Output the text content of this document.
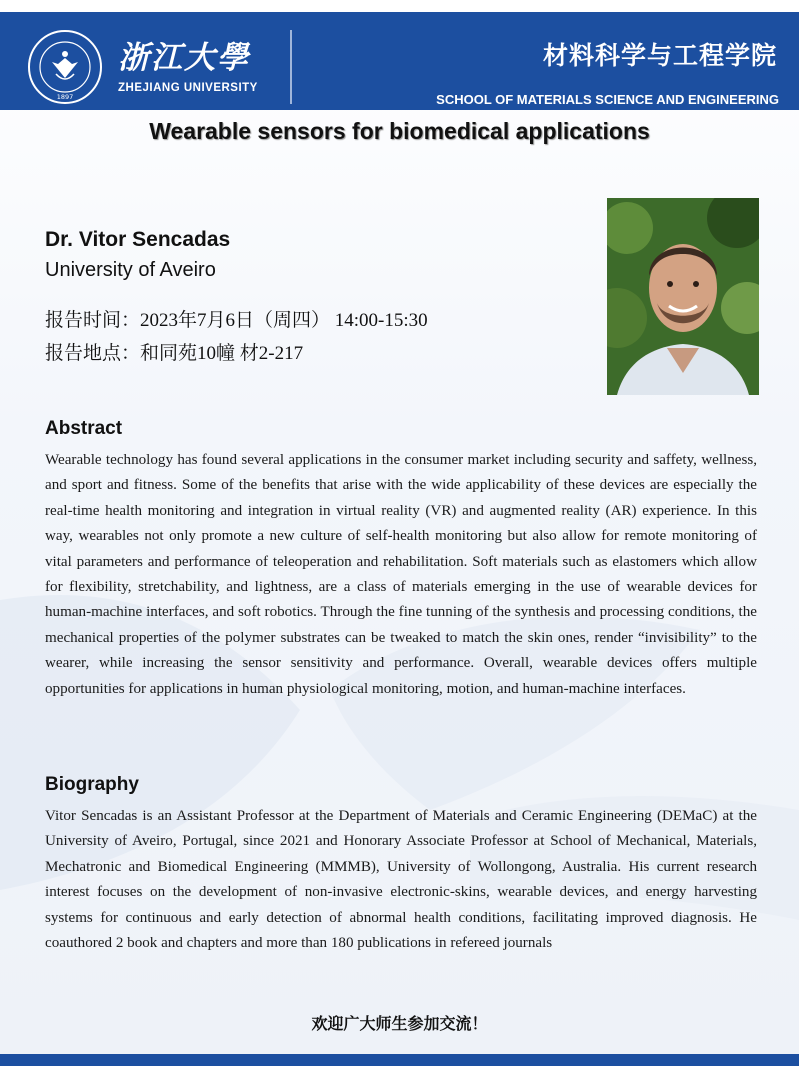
1897
浙江大學
ZHEJIANG UNIVERSITY
材料科学与工程学院
SCHOOL OF MATERIALS SCIENCE AND ENGINEERING
Wearable sensors for biomedical applications
Dr. Vitor Sencadas
University of Aveiro
报告时间：2023年7月6日（周四） 14:00-15:30
报告地点：和同苑10幢 材2-217
Abstract
Wearable technology has found several applications in the consumer market including security and saffety, wellness, and sport and fitness. Some of the benefits that arise with the wide applicability of these devices are especially the real-time health monitoring and integration in virtual reality (VR) and augmented reality (AR) experience. In this way, wearables not only promote a new culture of self-health monitoring but also allow for remote monitoring of vital parameters and performance of teleoperation and rehabilitation. Soft materials such as elastomers which allow for flexibility, stretchability, and lightness, are a class of materials emerging in the use of wearable devices for human-machine interfaces, and soft robotics. Through the fine tunning of the synthesis and processing conditions, the mechanical properties of the polymer substrates can be tweaked to match the skin ones, render “invisibility” to the wearer, while increasing the sensor sensitivity and performance. Overall, wearable devices offers multiple opportunities for applications in human physiological monitoring, motion, and human-machine interfaces.
Biography
Vitor Sencadas is an Assistant Professor at the Department of Materials and Ceramic Engineering (DEMaC) at the University of Aveiro, Portugal, since 2021 and Honorary Associate Professor at School of Mechanical, Materials, Mechatronic and Biomedical Engineering (MMMB), University of Wollongong, Australia. His current research interest focuses on the development of non-invasive electronic-skins, wearable devices, and energy harvesting systems for continuous and early detection of abnormal health conditions, facilitating improved diagnosis. He coauthored 2 book and chapters and more than 180 publications in refereed journals
欢迎广大师生参加交流！
